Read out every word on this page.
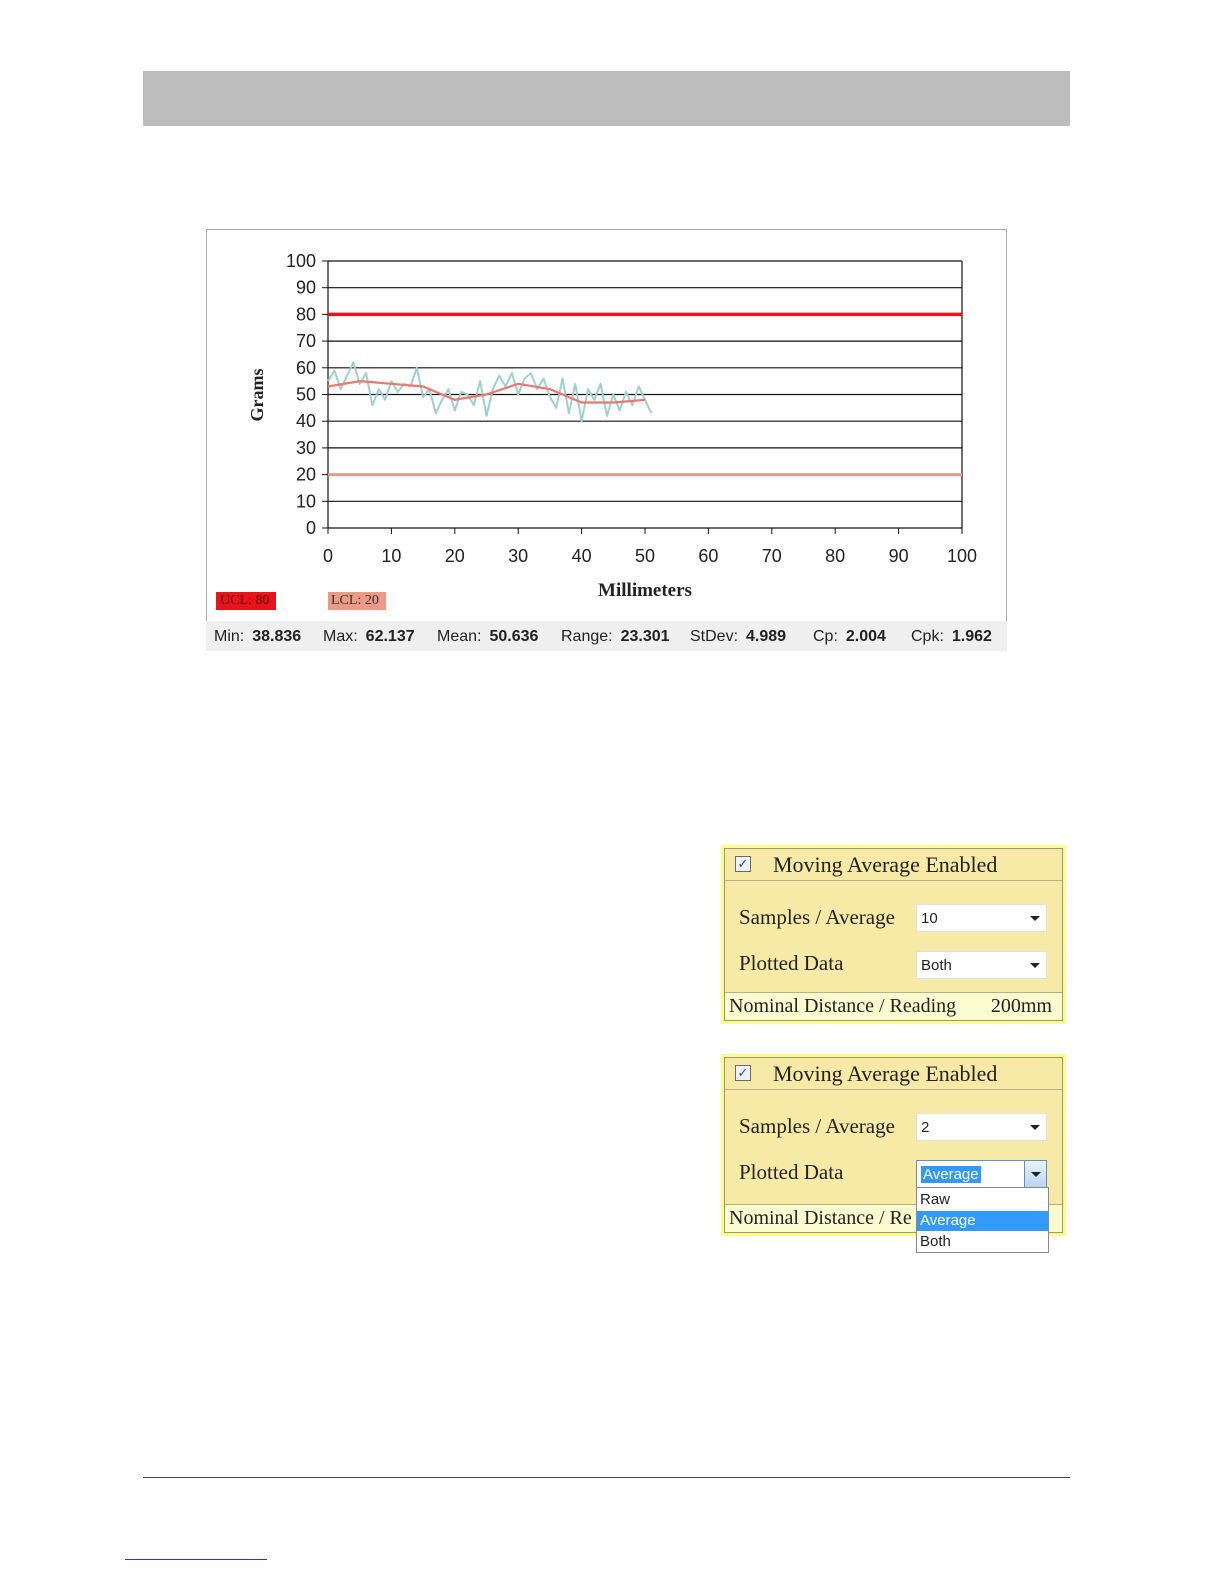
0
10
20
30
40
50
60
70
80
90
100
0	10 20 30 40 50 60 70 80 90 100
Grams
Millimeters
UCL: 80	LCL: 20
Min: 38.836 Max: 62.137 Mean: 50.636 Range: 23.301 StDev: 4.989 Cp: 2.004 Cpk: 1.962
✓ Moving Average Enabled
Samples / Average 10
Plotted Data	Both
Nominal Distance / Reading 200mm
✓ Moving Average Enabled
Samples / Average 2
Plotted Data	Average
Nominal Distance / Re
Raw
Average
Both
